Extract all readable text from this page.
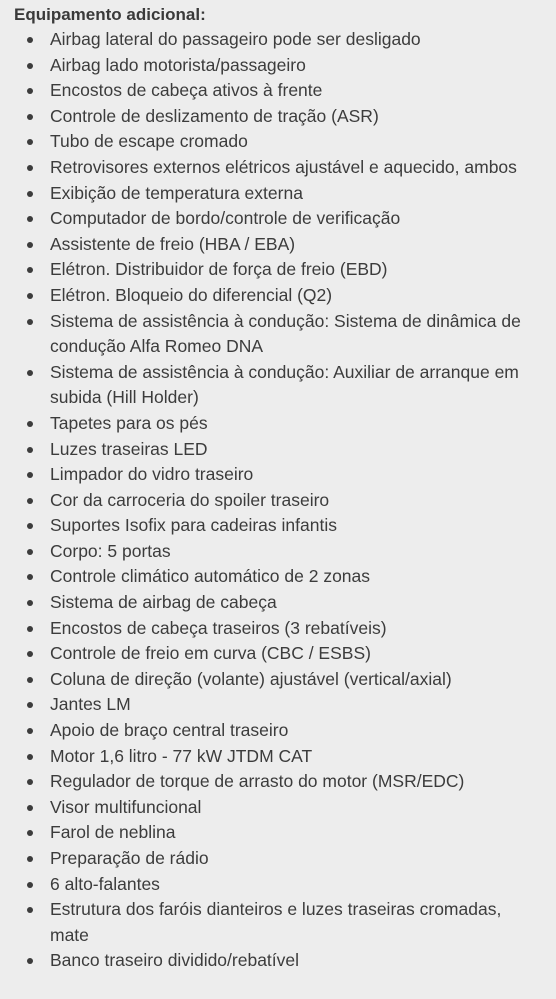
Equipamento adicional:
Airbag lateral do passageiro pode ser desligado
Airbag lado motorista/passageiro
Encostos de cabeça ativos à frente
Controle de deslizamento de tração (ASR)
Tubo de escape cromado
Retrovisores externos elétricos ajustável e aquecido, ambos
Exibição de temperatura externa
Computador de bordo/controle de verificação
Assistente de freio (HBA / EBA)
Elétron. Distribuidor de força de freio (EBD)
Elétron. Bloqueio do diferencial (Q2)
Sistema de assistência à condução: Sistema de dinâmica de condução Alfa Romeo DNA
Sistema de assistência à condução: Auxiliar de arranque em subida (Hill Holder)
Tapetes para os pés
Luzes traseiras LED
Limpador do vidro traseiro
Cor da carroceria do spoiler traseiro
Suportes Isofix para cadeiras infantis
Corpo: 5 portas
Controle climático automático de 2 zonas
Sistema de airbag de cabeça
Encostos de cabeça traseiros (3 rebatíveis)
Controle de freio em curva (CBC / ESBS)
Coluna de direção (volante) ajustável (vertical/axial)
Jantes LM
Apoio de braço central traseiro
Motor 1,6 litro - 77 kW JTDM CAT
Regulador de torque de arrasto do motor (MSR/EDC)
Visor multifuncional
Farol de neblina
Preparação de rádio
6 alto-falantes
Estrutura dos faróis dianteiros e luzes traseiras cromadas, mate
Banco traseiro dividido/rebatível
